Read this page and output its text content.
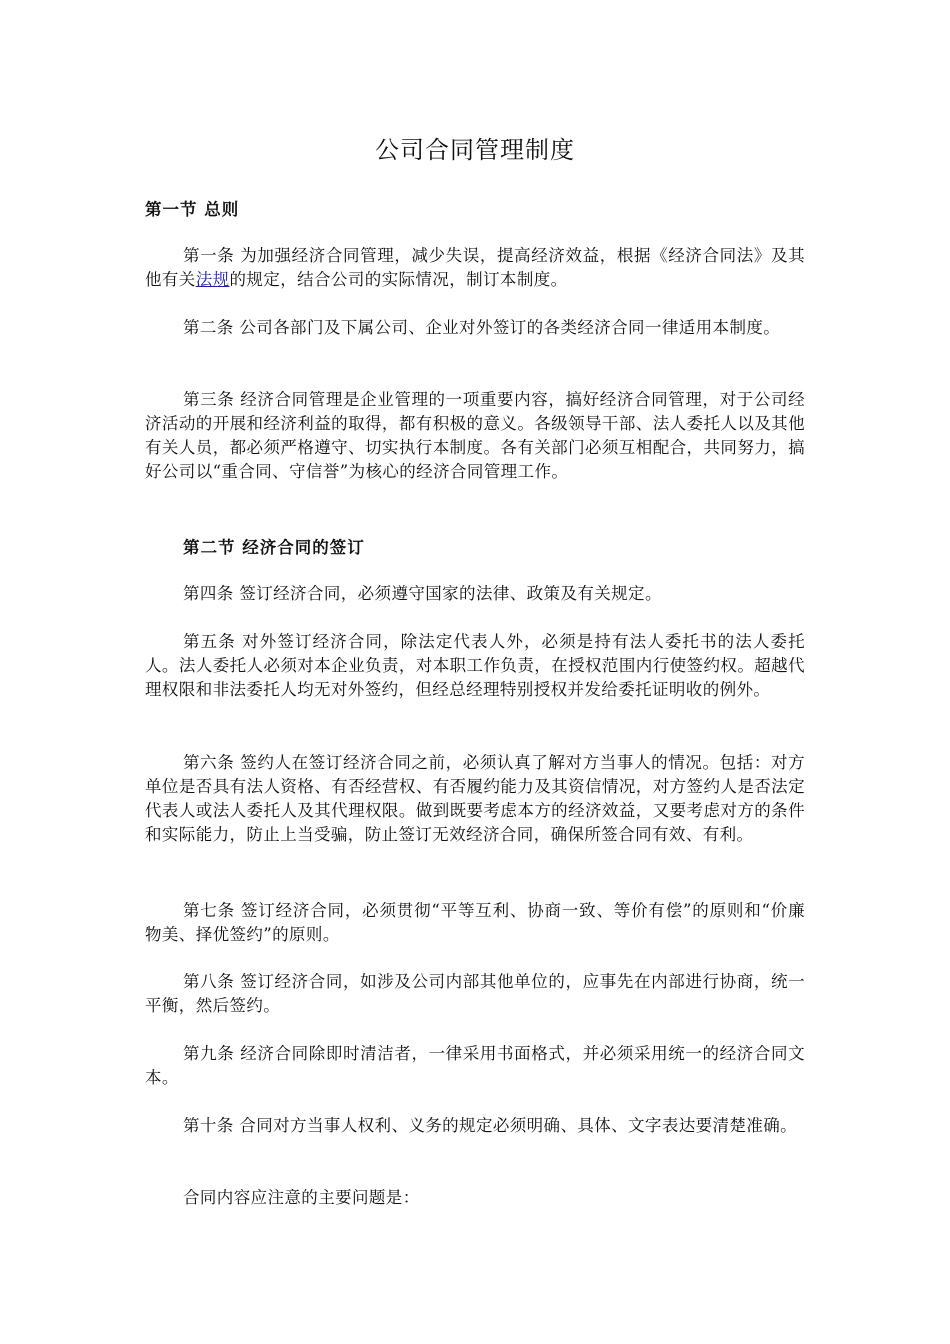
公司合同管理制度
第一节 总则

第一条 为加强经济合同管理，减少失误，提高经济效益，根据《经济合同法》及其他有关法规的规定，结合公司的实际情况，制订本制度。

第二条 公司各部门及下属公司、企业对外签订的各类经济合同一律适用本制度。

第三条 经济合同管理是企业管理的一项重要内容，搞好经济合同管理，对于公司经济活动的开展和经济利益的取得，都有积极的意义。各级领导干部、法人委托人以及其他有关人员，都必须严格遵守、切实执行本制度。各有关部门必须互相配合，共同努力，搞好公司以“重合同、守信誉”为核心的经济合同管理工作。

第二节 经济合同的签订

第四条 签订经济合同，必须遵守国家的法律、政策及有关规定。

第五条 对外签订经济合同，除法定代表人外，必须是持有法人委托书的法人委托人。法人委托人必须对本企业负责，对本职工作负责，在授权范围内行使签约权。超越代理权限和非法委托人均无对外签约，但经总经理特别授权并发给委托证明收的例外。

第六条 签约人在签订经济合同之前，必须认真了解对方当事人的情况。包括：对方单位是否具有法人资格、有否经营权、有否履约能力及其资信情况，对方签约人是否法定代表人或法人委托人及其代理权限。做到既要考虑本方的经济效益，又要考虑对方的条件和实际能力，防止上当受骗，防止签订无效经济合同，确保所签合同有效、有利。

第七条 签订经济合同，必须贯彻“平等互利、协商一致、等价有偿”的原则和“价廉物美、择优签约”的原则。

第八条 签订经济合同，如涉及公司内部其他单位的，应事先在内部进行协商，统一平衡，然后签约。

第九条 经济合同除即时清洁者，一律采用书面格式，并必须采用统一的经济合同文本。

第十条 合同对方当事人权利、义务的规定必须明确、具体、文字表达要清楚准确。

合同内容应注意的主要问题是：
